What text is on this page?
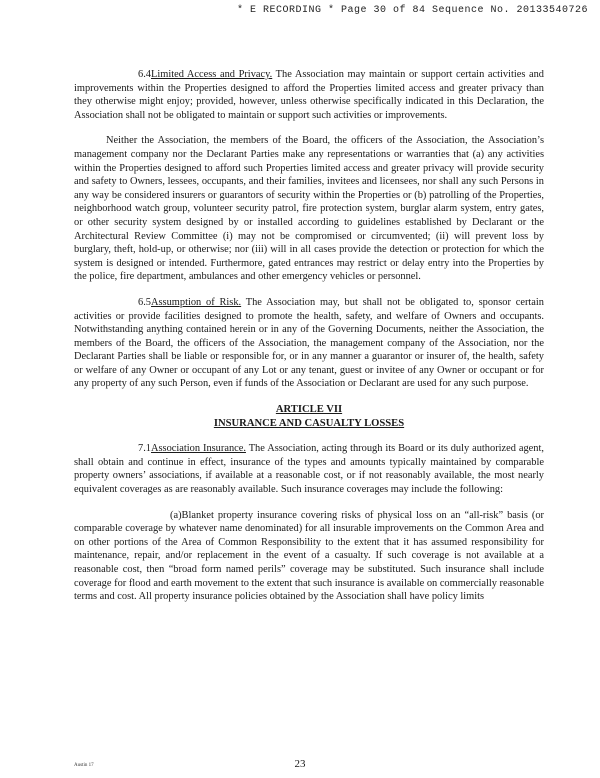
* E RECORDING * Page 30 of 84 Sequence No. 20133540726

6.4Limited Access and Privacy. The Association may maintain or support certain activities and improvements within the Properties designed to afford the Properties limited access and greater privacy than they otherwise might enjoy; provided, however, unless otherwise specifically indicated in this Declaration, the Association shall not be obligated to maintain or support such activities or improvements.

Neither the Association, the members of the Board, the officers of the Association, the Association’s management company nor the Declarant Parties make any representations or warranties that (a) any activities within the Properties designed to afford such Properties limited access and greater privacy will provide security and safety to Owners, lessees, occupants, and their families, invitees and licensees, nor shall any such Persons in any way be considered insurers or guarantors of security within the Properties or (b) patrolling of the Properties, neighborhood watch group, volunteer security patrol, fire protection system, burglar alarm system, entry gates, or other security system designed by or installed according to guidelines established by Declarant or the Architectural Review Committee (i) may not be compromised or circumvented; (ii) will prevent loss by burglary, theft, hold-up, or otherwise; nor (iii) will in all cases provide the detection or protection for which the system is designed or intended. Furthermore, gated entrances may restrict or delay entry into the Properties by the police, fire department, ambulances and other emergency vehicles or personnel.

6.5Assumption of Risk. The Association may, but shall not be obligated to, sponsor certain activities or provide facilities designed to promote the health, safety, and welfare of Owners and occupants. Notwithstanding anything contained herein or in any of the Governing Documents, neither the Association, the members of the Board, the officers of the Association, the management company of the Association, nor the Declarant Parties shall be liable or responsible for, or in any manner a guarantor or insurer of, the health, safety or welfare of any Owner or occupant of any Lot or any tenant, guest or invitee of any Owner or occupant or for any property of any such Person, even if funds of the Association or Declarant are used for any such purpose.

ARTICLE VII
INSURANCE AND CASUALTY LOSSES

7.1Association Insurance. The Association, acting through its Board or its duly authorized agent, shall obtain and continue in effect, insurance of the types and amounts typically maintained by comparable property owners’ associations, if available at a reasonable cost, or if not reasonably available, the most nearly equivalent coverages as are reasonably available. Such insurance coverages may include the following:

(a)Blanket property insurance covering risks of physical loss on an “all-risk” basis (or comparable coverage by whatever name denominated) for all insurable improvements on the Common Area and on other portions of the Area of Common Responsibility to the extent that it has assumed responsibility for maintenance, repair, and/or replacement in the event of a casualty. If such coverage is not available at a reasonable cost, then “broad form named perils” coverage may be substituted. Such insurance shall include coverage for flood and earth movement to the extent that such insurance is available on commercially reasonable terms and cost. All property insurance policies obtained by the Association shall have policy limits

Austin 17	23
